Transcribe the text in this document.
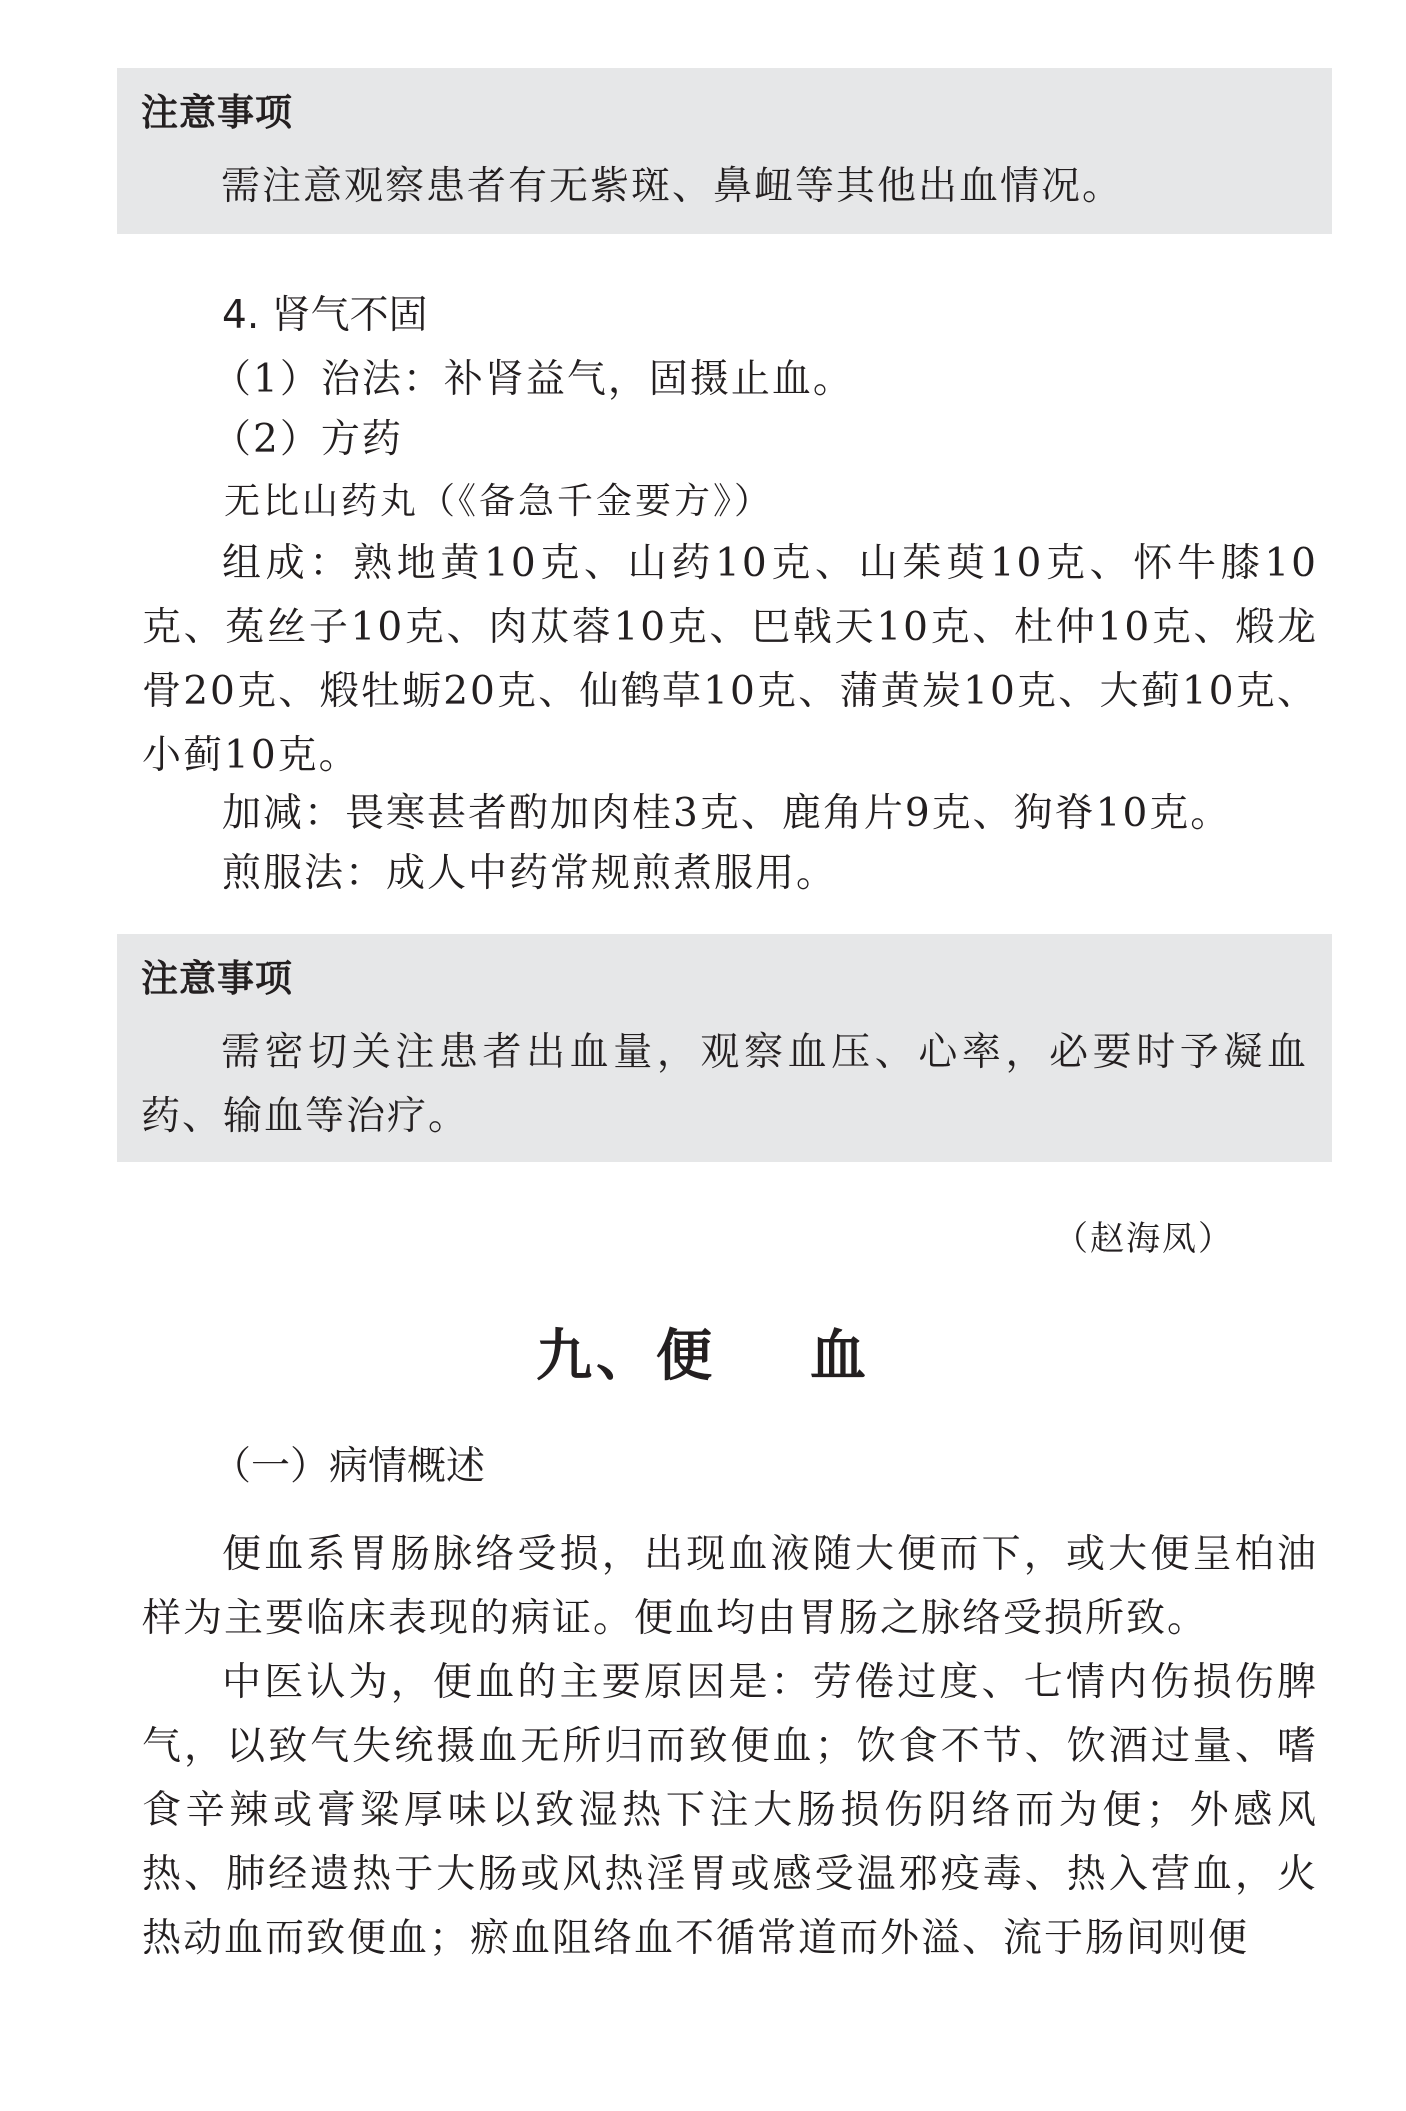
注意事项
需注意观察患者有无紫斑、鼻衄等其他出血情况。
4. 肾气不固
（1）治法：补肾益气，固摄止血。
（2）方药
无比山药丸（《备急千金要方》）
组成：熟地黄10克、山药10克、山茱萸10克、怀牛膝10克、菟丝子10克、肉苁蓉10克、巴戟天10克、杜仲10克、煅龙骨20克、煅牡蛎20克、仙鹤草10克、蒲黄炭10克、大蓟10克、小蓟10克。
加减：畏寒甚者酌加肉桂3克、鹿角片9克、狗脊10克。
煎服法：成人中药常规煎煮服用。
注意事项
需密切关注患者出血量，观察血压、心率，必要时予凝血药、输血等治疗。
（赵海凤）
九、便    血
（一）病情概述
便血系胃肠脉络受损，出现血液随大便而下，或大便呈柏油样为主要临床表现的病证。便血均由胃肠之脉络受损所致。
中医认为，便血的主要原因是：劳倦过度、七情内伤损伤脾气，以致气失统摄血无所归而致便血；饮食不节、饮酒过量、嗜食辛辣或膏粱厚味以致湿热下注大肠损伤阴络而为便；外感风热、肺经遗热于大肠或风热淫胃或感受温邪疫毒、热入营血，火热动血而致便血；瘀血阻络血不循常道而外溢、流于肠间则便
